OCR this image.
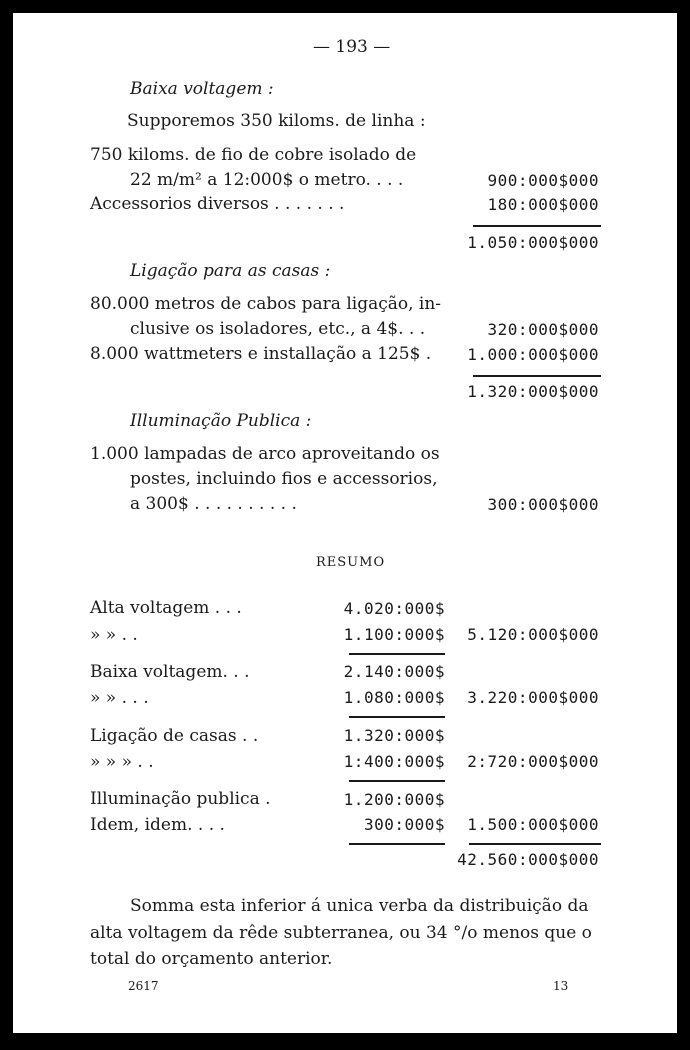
— 193 —
Baixa voltagem :
Supporemos 350 kiloms. de linha :
750 kiloms. de fio de cobre isolado de
22 m/m² a 12:000$ o metro. . . .	900:000$000
Accessorios diversos . . . . . . .	180:000$000
1.050:000$000
Ligação para as casas :
80.000 metros de cabos para ligação, in-
clusive os isoladores, etc., a 4$. . .	320:000$000
8.000 wattmeters e installação a 125$ .	1.000:000$000
1.320:000$000
Illuminação Publica :
1.000 lampadas de arco aproveitando os
postes, incluindo fios e accessorios,
a 300$ . . . . . . . . . .	300:000$000
RESUMO
Alta voltagem . . .	4.020:000$
» » . .	1.100:000$	5.120:000$000
Baixa voltagem. . .	2.140:000$
» » . . .	1.080:000$	3.220:000$000
Ligação de casas . .	1.320:000$
» » » . .	1:400:000$	2:720:000$000
Illuminação publica .	1.200:000$
Idem, idem. . . .	300:000$	1.500:000$000
42.560:000$000
Somma esta inferior á unica verba da distribuição da
alta voltagem da rêde subterranea, ou 34 °/o menos que o
total do orçamento anterior.
2617	13
